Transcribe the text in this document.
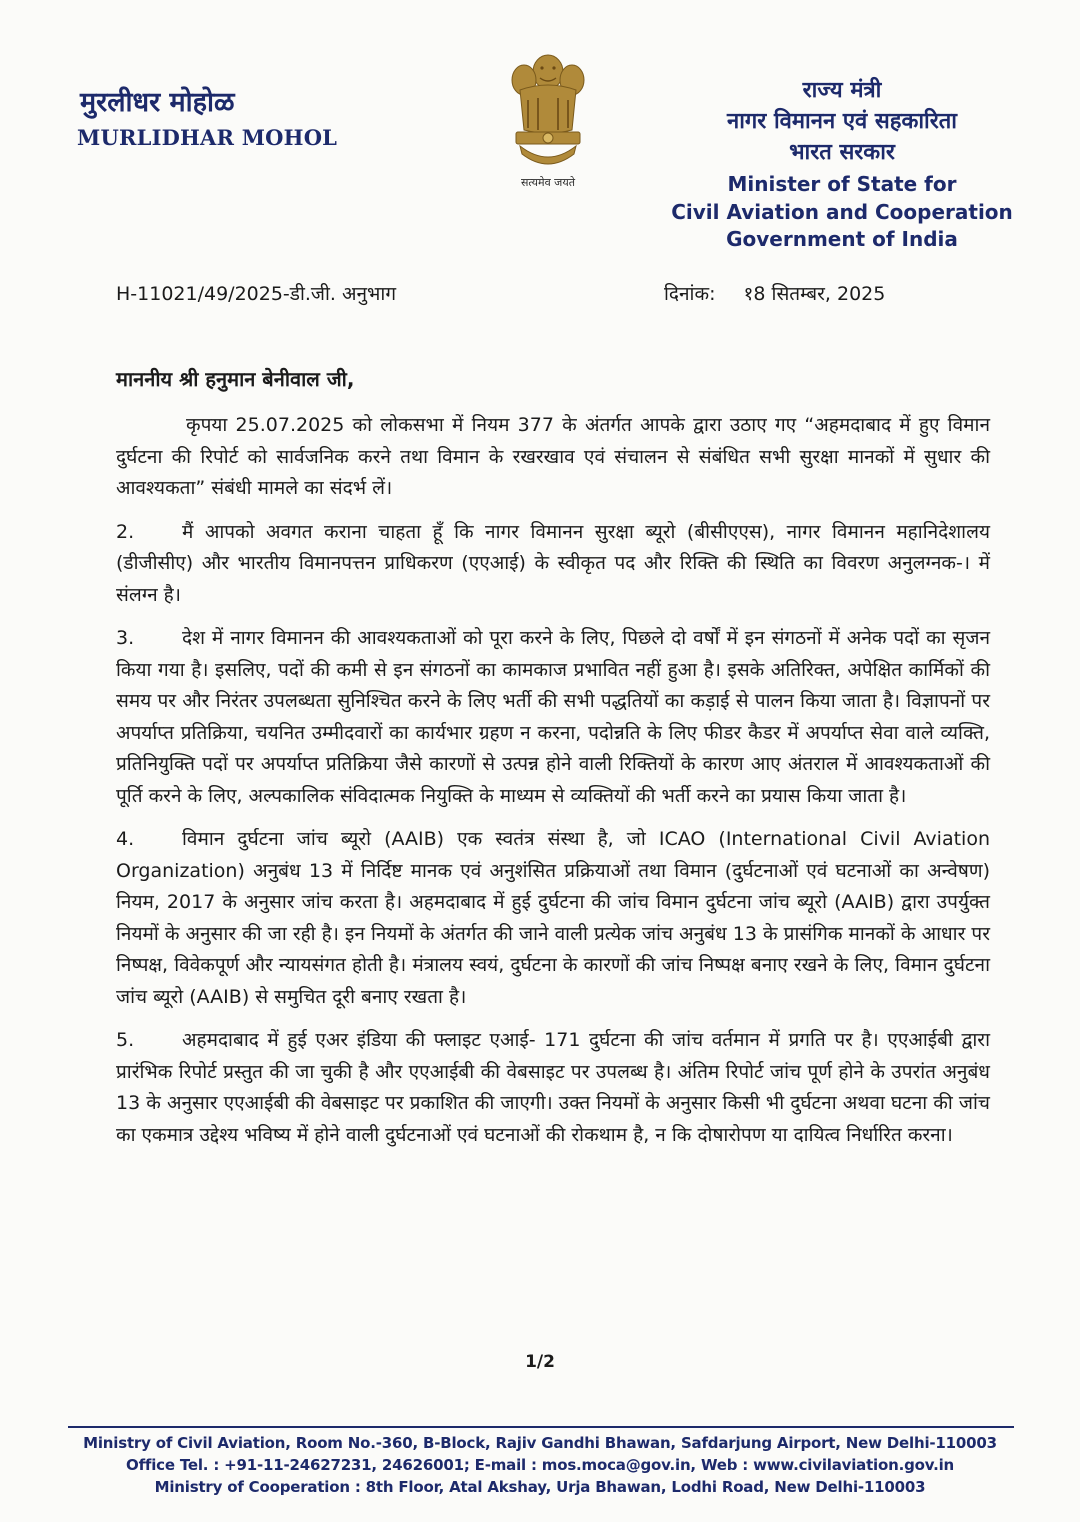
मुरलीधर मोहोळ
MURLIDHAR MOHOL
सत्यमेव जयते
राज्य मंत्री
नागर विमानन एवं सहकारिता
भारत सरकार
Minister of State for
Civil Aviation and Cooperation
Government of India
H-11021/49/2025-डी.जी. अनुभाग	दिनांक: १8 सितम्बर, 2025
माननीय श्री हनुमान बेनीवाल जी,

कृपया 25.07.2025 को लोकसभा में नियम 377 के अंतर्गत आपके द्वारा उठाए गए “अहमदाबाद में हुए विमान दुर्घटना की रिपोर्ट को सार्वजनिक करने तथा विमान के रखरखाव एवं संचालन से संबंधित सभी सुरक्षा मानकों में सुधार की आवश्यकता” संबंधी मामले का संदर्भ लें।

2.	मैं आपको अवगत कराना चाहता हूँ कि नागर विमानन सुरक्षा ब्यूरो (बीसीएएस), नागर विमानन महानिदेशालय (डीजीसीए) और भारतीय विमानपत्तन प्राधिकरण (एएआई) के स्वीकृत पद और रिक्ति की स्थिति का विवरण अनुलग्नक-। में संलग्न है।

3.	देश में नागर विमानन की आवश्यकताओं को पूरा करने के लिए, पिछले दो वर्षों में इन संगठनों में अनेक पदों का सृजन किया गया है। इसलिए, पदों की कमी से इन संगठनों का कामकाज प्रभावित नहीं हुआ है। इसके अतिरिक्त, अपेक्षित कार्मिकों की समय पर और निरंतर उपलब्धता सुनिश्चित करने के लिए भर्ती की सभी पद्धतियों का कड़ाई से पालन किया जाता है। विज्ञापनों पर अपर्याप्त प्रतिक्रिया, चयनित उम्मीदवारों का कार्यभार ग्रहण न करना, पदोन्नति के लिए फीडर कैडर में अपर्याप्त सेवा वाले व्यक्ति, प्रतिनियुक्ति पदों पर अपर्याप्त प्रतिक्रिया जैसे कारणों से उत्पन्न होने वाली रिक्तियों के कारण आए अंतराल में आवश्यकताओं की पूर्ति करने के लिए, अल्पकालिक संविदात्मक नियुक्ति के माध्यम से व्यक्तियों की भर्ती करने का प्रयास किया जाता है।

4.	विमान दुर्घटना जांच ब्यूरो (AAIB) एक स्वतंत्र संस्था है, जो ICAO (International Civil Aviation Organization) अनुबंध 13 में निर्दिष्ट मानक एवं अनुशंसित प्रक्रियाओं तथा विमान (दुर्घटनाओं एवं घटनाओं का अन्वेषण) नियम, 2017 के अनुसार जांच करता है। अहमदाबाद में हुई दुर्घटना की जांच विमान दुर्घटना जांच ब्यूरो (AAIB) द्वारा उपर्युक्त नियमों के अनुसार की जा रही है। इन नियमों के अंतर्गत की जाने वाली प्रत्येक जांच अनुबंध 13 के प्रासंगिक मानकों के आधार पर निष्पक्ष, विवेकपूर्ण और न्यायसंगत होती है। मंत्रालय स्वयं, दुर्घटना के कारणों की जांच निष्पक्ष बनाए रखने के लिए, विमान दुर्घटना जांच ब्यूरो (AAIB) से समुचित दूरी बनाए रखता है।

5.	अहमदाबाद में हुई एअर इंडिया की फ्लाइट एआई- 171 दुर्घटना की जांच वर्तमान में प्रगति पर है। एएआईबी द्वारा प्रारंभिक रिपोर्ट प्रस्तुत की जा चुकी है और एएआईबी की वेबसाइट पर उपलब्ध है। अंतिम रिपोर्ट जांच पूर्ण होने के उपरांत अनुबंध 13 के अनुसार एएआईबी की वेबसाइट पर प्रकाशित की जाएगी। उक्त नियमों के अनुसार किसी भी दुर्घटना अथवा घटना की जांच का एकमात्र उद्देश्य भविष्य में होने वाली दुर्घटनाओं एवं घटनाओं की रोकथाम है, न कि दोषारोपण या दायित्व निर्धारित करना।

1/2
Ministry of Civil Aviation, Room No.-360, B-Block, Rajiv Gandhi Bhawan, Safdarjung Airport, New Delhi-110003
Office Tel. : +91-11-24627231, 24626001; E-mail : mos.moca@gov.in, Web : www.civilaviation.gov.in
Ministry of Cooperation : 8th Floor, Atal Akshay, Urja Bhawan, Lodhi Road, New Delhi-110003
